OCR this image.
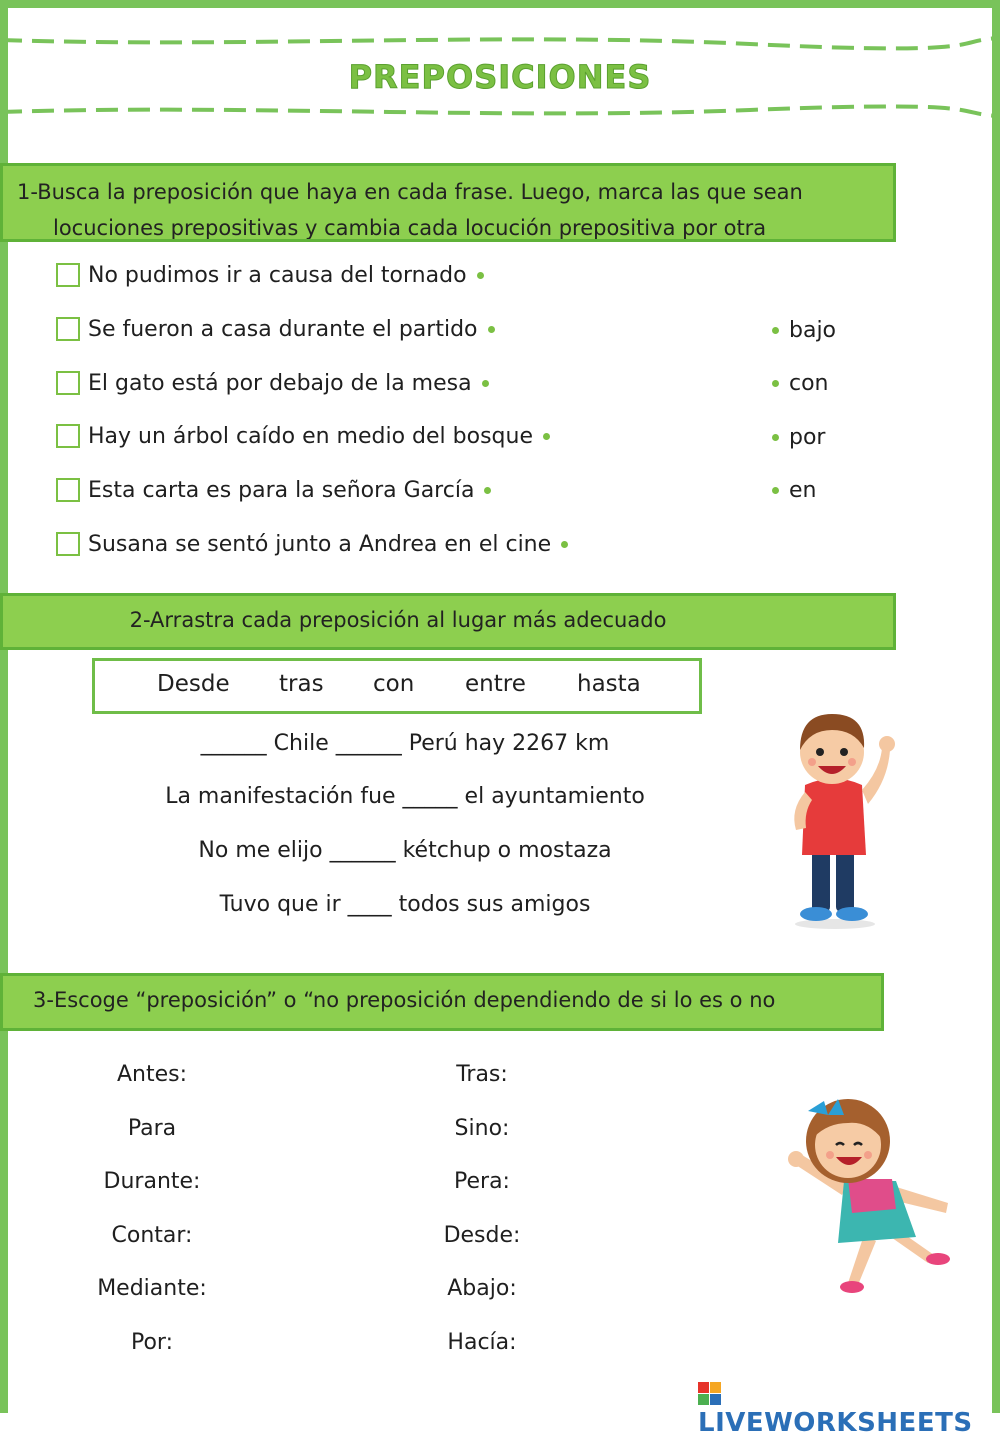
PREPOSICIONES
1-Busca la preposición que haya en cada frase. Luego, marca las que sean
locuciones prepositivas y cambia cada locución prepositiva por otra
No pudimos ir a causa del tornado
Se fueron a casa durante el partido
El gato está por debajo de la mesa
Hay un árbol caído en medio del bosque
Esta carta es para la señora García
Susana se sentó junto a Andrea en el cine
bajo
con
por
en
2-Arrastra cada preposición al lugar más adecuado
Desde tras con entre hasta
______ Chile ______ Perú hay 2267 km
La manifestación fue _____ el ayuntamiento
No me elijo ______ kétchup o mostaza
Tuvo que ir ____ todos sus amigos
3-Escoge “preposición” o “no preposición dependiendo de si lo es o no
Antes:
Para
Durante:
Contar:
Mediante:
Por:
Tras:
Sino:
Pera:
Desde:
Abajo:
Hacía:
LIVEWORKSHEETS
